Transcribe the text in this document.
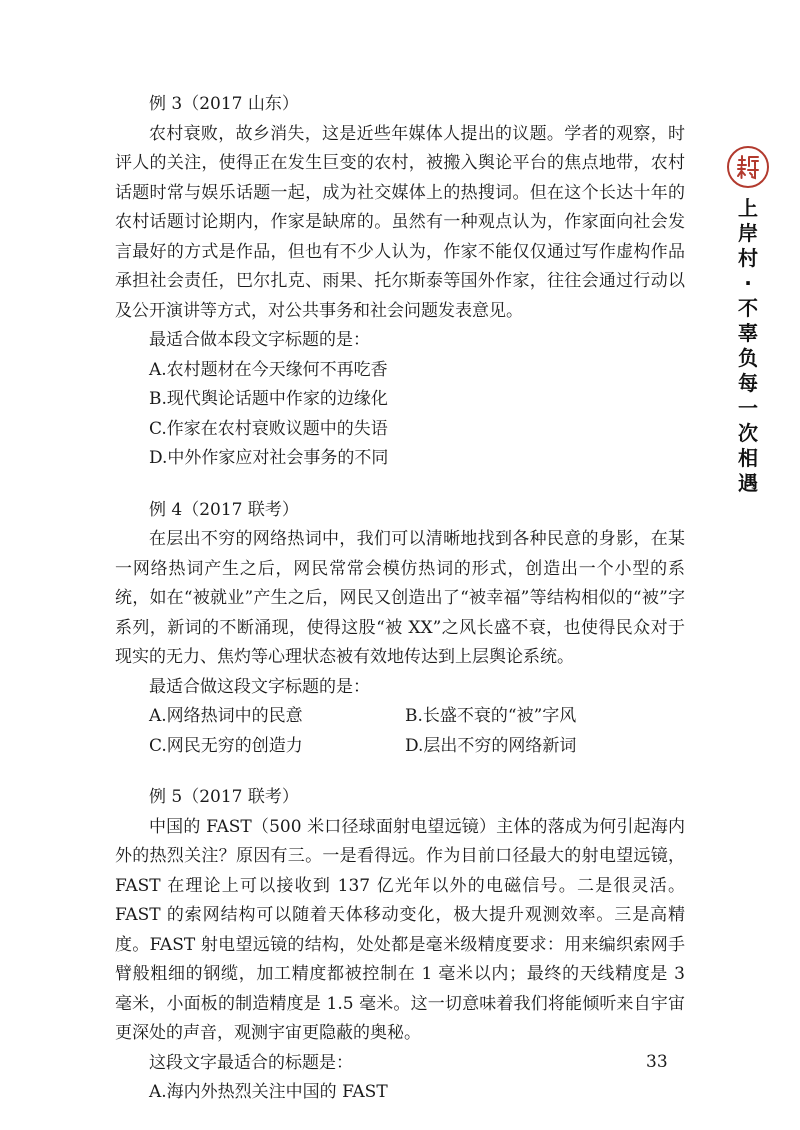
例 3（2017 山东）

农村衰败，故乡消失，这是近些年媒体人提出的议题。学者的观察，时评人的关注，使得正在发生巨变的农村，被搬入舆论平台的焦点地带，农村话题时常与娱乐话题一起，成为社交媒体上的热搜词。但在这个长达十年的农村话题讨论期内，作家是缺席的。虽然有一种观点认为，作家面向社会发言最好的方式是作品，但也有不少人认为，作家不能仅仅通过写作虚构作品承担社会责任，巴尔扎克、雨果、托尔斯泰等国外作家，往往会通过行动以及公开演讲等方式，对公共事务和社会问题发表意见。

最适合做本段文字标题的是：

A.农村题材在今天缘何不再吃香

B.现代舆论话题中作家的边缘化

C.作家在农村衰败议题中的失语

D.中外作家应对社会事务的不同

例 4（2017 联考）

在层出不穷的网络热词中，我们可以清晰地找到各种民意的身影，在某一网络热词产生之后，网民常常会模仿热词的形式，创造出一个小型的系统，如在“被就业”产生之后，网民又创造出了“被幸福”等结构相似的“被”字系列，新词的不断涌现，使得这股“被 XX”之风长盛不衰，也使得民众对于现实的无力、焦灼等心理状态被有效地传达到上层舆论系统。

最适合做这段文字标题的是：

A.网络热词中的民意	B.长盛不衰的“被”字风
C.网民无穷的创造力	D.层出不穷的网络新词

例 5（2017 联考）

中国的 FAST（500 米口径球面射电望远镜）主体的落成为何引起海内外的热烈关注？原因有三。一是看得远。作为目前口径最大的射电望远镜，FAST 在理论上可以接收到 137 亿光年以外的电磁信号。二是很灵活。FAST 的索网结构可以随着天体移动变化，极大提升观测效率。三是高精度。FAST 射电望远镜的结构，处处都是毫米级精度要求：用来编织索网手臂般粗细的钢缆，加工精度都被控制在 1 毫米以内；最终的天线精度是 3 毫米，小面板的制造精度是 1.5 毫米。这一切意味着我们将能倾听来自宇宙更深处的声音，观测宇宙更隐蔽的奥秘。

这段文字最适合的标题是：

A.海内外热烈关注中国的 FAST

上
岸
村
·
不
辜
负
每
一
次
相
遇
33
